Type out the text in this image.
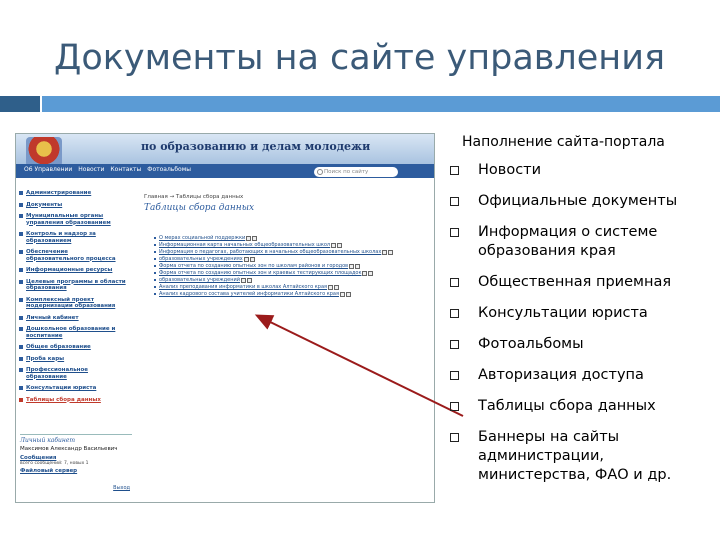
Документы на сайте управления
по образованию и делам молодежи
О6 Управлении Новости Контакты Фотоальбомы	Поиск по сайту
Администрирование
Документы
Муниципальные органы управления образованием
Контроль и надзор за образованием
Обеспечение образовательного процесса
Информационные ресурсы
Целевые программы в области образования
Комплексный проект модернизации образования
Личный кабинет
Дошкольное образование и воспитание
Общее образование
Проба кары
Профессиональное образование
Консультации юриста
Таблицы сбора данных
Личный кабинет
Максимов Александр Васильевич
Сообщения
всего сообщений: 7, новых 1
Файловый сервер
Выход
Главная → Таблицы сбора данных
Таблицы сбора данных
О мерах социальной поддержки
Информационная карта начальных общеобразовательных школ
Информация о педагогах, работающих в начальных общеобразовательных школах
образовательных учреждениях
Форма отчета по созданию опытных зон по школам районов и городов
Форма отчета по созданию опытных зон и краевых тестирующих площадок
образовательных учреждений
Анализ преподавания информатики в школах Алтайского края
Анализ кадрового состава учителей информатики Алтайского края
Наполнение сайта-портала
Новости
Официальные документы
Информация о системе образования края
Общественная приемная
Консультации юриста
Фотоальбомы
Авторизация доступа
Таблицы сбора данных
Баннеры на сайты администрации, министерства, ФАО и др.
